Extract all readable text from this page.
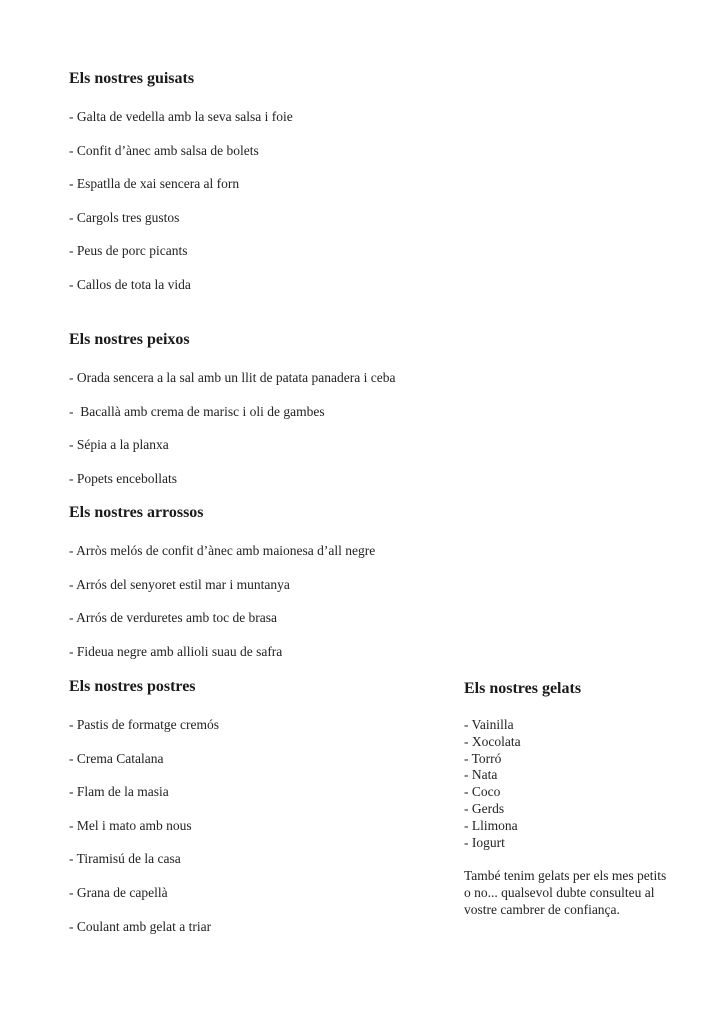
Els nostres guisats
- Galta de vedella amb la seva salsa i foie
- Confit d’ànec amb salsa de bolets
- Espatlla de xai sencera al forn
- Cargols tres gustos
- Peus de porc picants
- Callos de tota la vida
Els nostres peixos
- Orada sencera a la sal amb un llit de patata panadera i ceba
-  Bacallà amb crema de marisc i oli de gambes
- Sépia a la planxa
- Popets encebollats
Els nostres arrossos
- Arròs melós de confit d’ànec amb maionesa d’all negre
- Arrós del senyoret estil mar i muntanya
- Arrós de verduretes amb toc de brasa
- Fideua negre amb allioli suau de safra
Els nostres postres
- Pastis de formatge cremós
- Crema Catalana
- Flam de la masia
- Mel i mato amb nous
- Tiramisú de la casa
- Grana de capellà
- Coulant amb gelat a triar
Els nostres gelats
- Vainilla
- Xocolata
- Torró
- Nata
- Coco
- Gerds
- Llimona
- Iogurt

També tenim gelats per els mes petits o no... qualsevol dubte consulteu al vostre cambrer de confiança.
